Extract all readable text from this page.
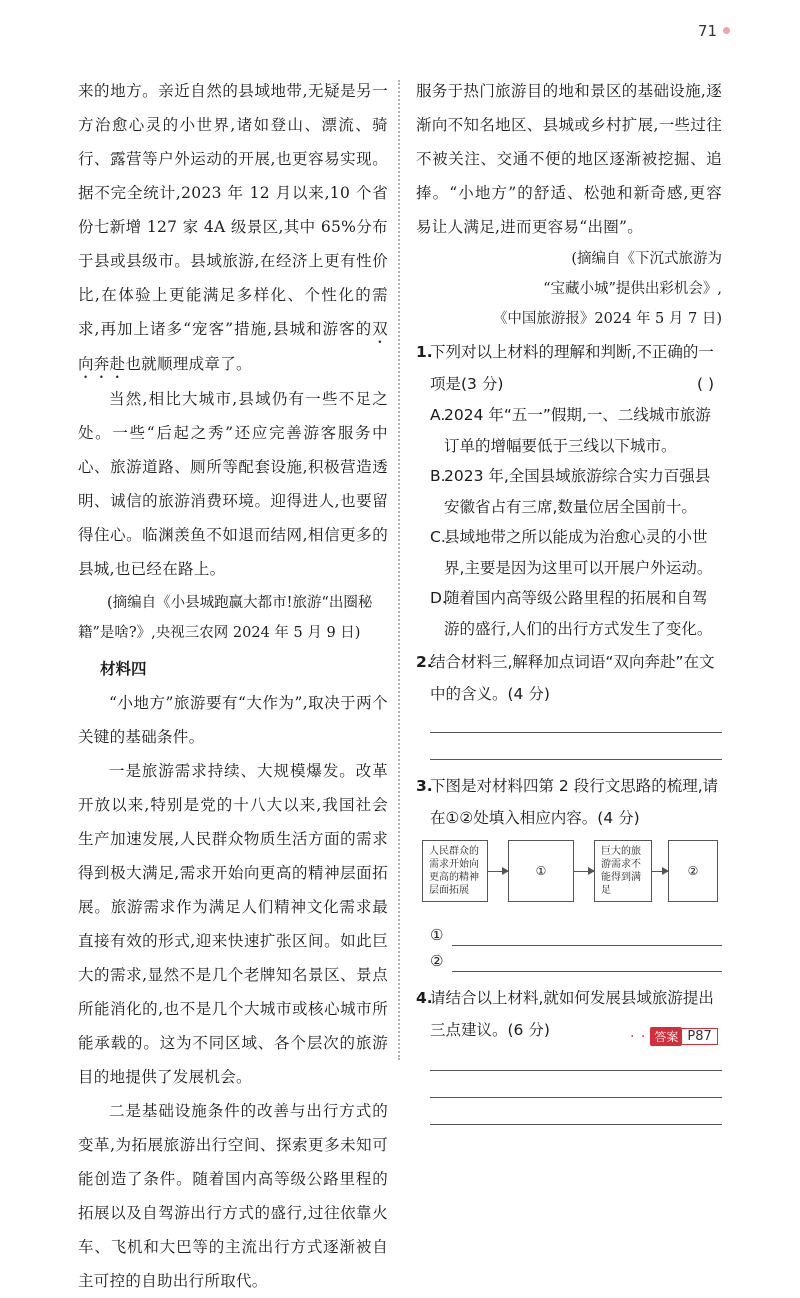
71

来的地方。亲近自然的县域地带,无疑是另一方治愈心灵的小世界,诸如登山、漂流、骑行、露营等户外运动的开展,也更容易实现。据不完全统计,2023 年 12 月以来,10 个省份七新增 127 家 4A 级景区,其中 65%分布于县或县级市。县域旅游,在经济上更有性价比,在体验上更能满足多样化、个性化的需求,再加上诸多“宠客”措施,县城和游客的双向奔赴也就顺理成章了。

当然,相比大城市,县域仍有一些不足之处。一些“后起之秀”还应完善游客服务中心、旅游道路、厕所等配套设施,积极营造透明、诚信的旅游消费环境。迎得进人,也要留得住心。临渊羡鱼不如退而结网,相信更多的县城,也已经在路上。

(摘编自《小县城跑赢大都市!旅游“出圈秘籍”是啥?》,央视三农网 2024 年 5 月 9 日)

材料四

“小地方”旅游要有“大作为”,取决于两个关键的基础条件。

一是旅游需求持续、大规模爆发。改革开放以来,特别是党的十八大以来,我国社会生产加速发展,人民群众物质生活方面的需求得到极大满足,需求开始向更高的精神层面拓展。旅游需求作为满足人们精神文化需求最直接有效的形式,迎来快速扩张区间。如此巨大的需求,显然不是几个老牌知名景区、景点所能消化的,也不是几个大城市或核心城市所能承载的。这为不同区域、各个层次的旅游目的地提供了发展机会。

二是基础设施条件的改善与出行方式的变革,为拓展旅游出行空间、探索更多未知可能创造了条件。随着国内高等级公路里程的拓展以及自驾游出行方式的盛行,过往依靠火车、飞机和大巴等的主流出行方式逐渐被自主可控的自助出行所取代。

服务于热门旅游目的地和景区的基础设施,逐渐向不知名地区、县城或乡村扩展,一些过往不被关注、交通不便的地区逐渐被挖掘、追捧。“小地方”的舒适、松弛和新奇感,更容易让人满足,进而更容易“出圈”。

(摘编自《下沉式旅游为

“宝藏小城”提供出彩机会》,

《中国旅游报》2024 年 5 月 7 日)

1.
下列对以上材料的理解和判断,不正确的一项是(3 分)	( )

A.
2024 年“五一”假期,一、二线城市旅游订单的增幅要低于三线以下城市。

B.
2023 年,全国县域旅游综合实力百强县安徽省占有三席,数量位居全国前十。

C.
县域地带之所以能成为治愈心灵的小世界,主要是因为这里可以开展户外运动。

D.
随着国内高等级公路里程的拓展和自驾游的盛行,人们的出行方式发生了变化。

2.
结合材料三,解释加点词语“双向奔赴”在文中的含义。(4 分)
3.
下图是对材料四第 2 段行文思路的梳理,请在①②处填入相应内容。(4 分)
人民群众的需求开始向更高的精神层面拓展
①
巨大的旅游需求不能得到满足
②
①
②
4.
请结合以上材料,就如何发展县域旅游提出三点建议。(6 分)	· · 答案 P87
